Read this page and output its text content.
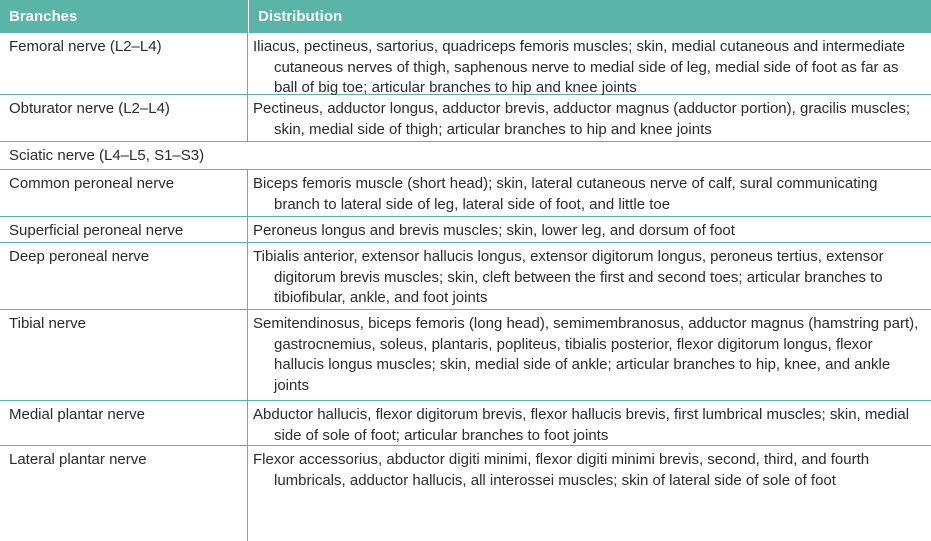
Branches	Distribution
Femoral nerve (L2–L4)	Iliacus, pectineus, sartorius, quadriceps femoris muscles; skin, medial cutaneous and intermediate cutaneous nerves of thigh, saphenous nerve to medial side of leg, medial side of foot as far as ball of big toe; articular branches to hip and knee joints
Obturator nerve (L2–L4)	Pectineus, adductor longus, adductor brevis, adductor magnus (adductor portion), gracilis muscles; skin, medial side of thigh; articular branches to hip and knee joints
Sciatic nerve (L4–L5, S1–S3)
Common peroneal nerve	Biceps femoris muscle (short head); skin, lateral cutaneous nerve of calf, sural communicating branch to lateral side of leg, lateral side of foot, and little toe
Superficial peroneal nerve	Peroneus longus and brevis muscles; skin, lower leg, and dorsum of foot
Deep peroneal nerve	Tibialis anterior, extensor hallucis longus, extensor digitorum longus, peroneus tertius, extensor digitorum brevis muscles; skin, cleft between the first and second toes; articular branches to tibiofibular, ankle, and foot joints
Tibial nerve	Semitendinosus, biceps femoris (long head), semimembranosus, adductor magnus (hamstring part), gastrocnemius, soleus, plantaris, popliteus, tibialis posterior, flexor digitorum longus, flexor hallucis longus muscles; skin, medial side of ankle; articular branches to hip, knee, and ankle joints
Medial plantar nerve	Abductor hallucis, flexor digitorum brevis, flexor hallucis brevis, first lumbrical muscles; skin, medial side of sole of foot; articular branches to foot joints
Lateral plantar nerve	Flexor accessorius, abductor digiti minimi, flexor digiti minimi brevis, second, third, and fourth lumbricals, adductor hallucis, all interossei muscles; skin of lateral side of sole of foot
